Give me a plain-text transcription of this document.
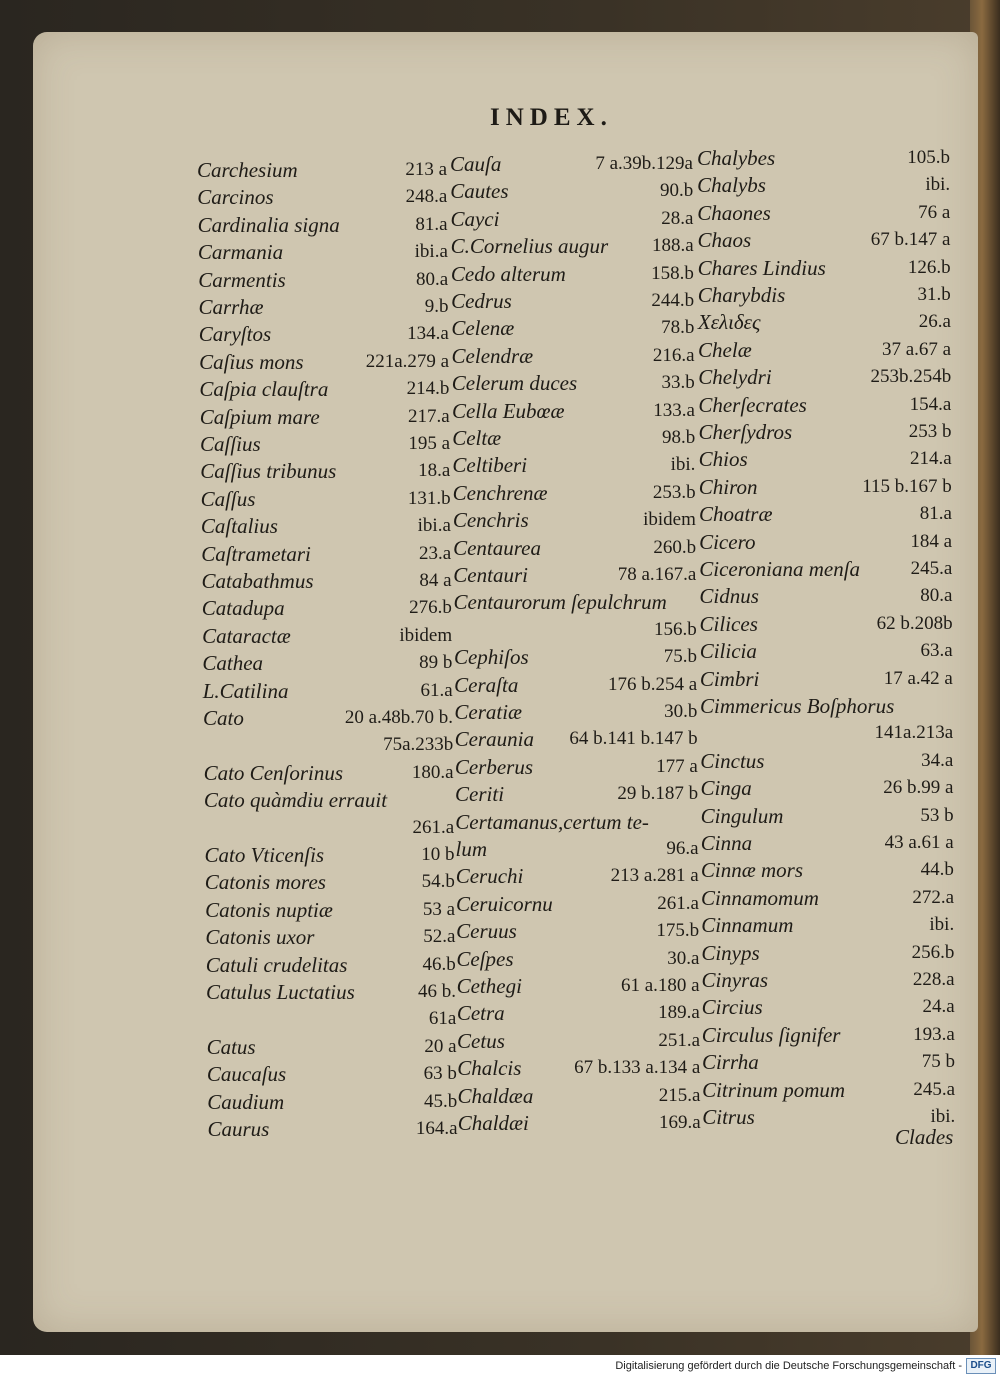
INDEX.
Carchesium	213 a
Carcinos	248.a
Cardinalia signa	81.a
Carmania	ibi.a
Carmentis	80.a
Carrhæ	9.b
Caryſtos	134.a
Caſius mons	221a.279 a
Caſpia clauſtra	214.b
Caſpium mare	217.a
Caſſius	195 a
Caſſius tribunus	18.a
Caſſus	131.b
Caſtalius	ibi.a
Caſtrametari	23.a
Catabathmus	84 a
Catadupa	276.b
Cataractæ	ibidem
Cathea	89 b
L.Catilina	61.a
Cato	20 a.48b.70 b.
75a.233b
Cato Cenſorinus	180.a
Cato quàmdiu errauit
261.a
Cato Vticenſis	10 b
Catonis mores	54.b
Catonis nuptiæ	53 a
Catonis uxor	52.a
Catuli crudelitas	46.b
Catulus Luctatius	46 b.
61a
Catus	20 a
Caucaſus	63 b
Caudium	45.b
Caurus	164.a
Cauſa	7 a.39b.129a
Cautes	90.b
Cayci	28.a
C.Cornelius augur 188.a
Cedo alterum	158.b
Cedrus	244.b
Celenæ	78.b
Celendræ	216.a
Celerum duces	33.b
Cella Eubœæ	133.a
Celtæ	98.b
Celtiberi	ibi.
Cenchrenæ	253.b
Cenchris	ibidem
Centaurea	260.b
Centauri	78 a.167.a
Centaurorum ſepulchrum
156.b
Cephiſos	75.b
Ceraſta	176 b.254 a
Ceratiæ	30.b
Ceraunia 64 b.141 b.147 b
Cerberus	177 a
Ceriti	29 b.187 b
Certamanus,certum te-
lum	96.a
Ceruchi	213 a.281 a
Ceruicornu	261.a
Ceruus	175.b
Ceſpes	30.a
Cethegi	61 a.180 a
Cetra	189.a
Cetus	251.a
Chalcis	67 b.133 a.134 a
Chaldæa	215.a
Chaldæi	169.a
Chalybes	105.b
Chalybs	ibi.
Chaones	76 a
Chaos	67 b.147 a
Chares Lindius	126.b
Charybdis	31.b
Χελιδες	26.a
Chelæ	37 a.67 a
Chelydri	253b.254b
Cherſecrates	154.a
Cherſydros	253 b
Chios	214.a
Chiron	115 b.167 b
Choatræ	81.a
Cicero	184 a
Ciceroniana menſa	245.a
Cidnus	80.a
Cilices	62 b.208b
Cilicia	63.a
Cimbri	17 a.42 a
Cimmericus Boſphorus
141a.213a
Cinctus	34.a
Cinga	26 b.99 a
Cingulum	53 b
Cinna	43 a.61 a
Cinnæ mors	44.b
Cinnamomum	272.a
Cinnamum	ibi.
Cinyps	256.b
Cinyras	228.a
Circius	24.a
Circulus ſignifer	193.a
Cirrha	75 b
Citrinum pomum	245.a
Citrus	ibi.
Clades
Digitalisierung gefördert durch die Deutsche Forschungsgemeinschaft - DFG
